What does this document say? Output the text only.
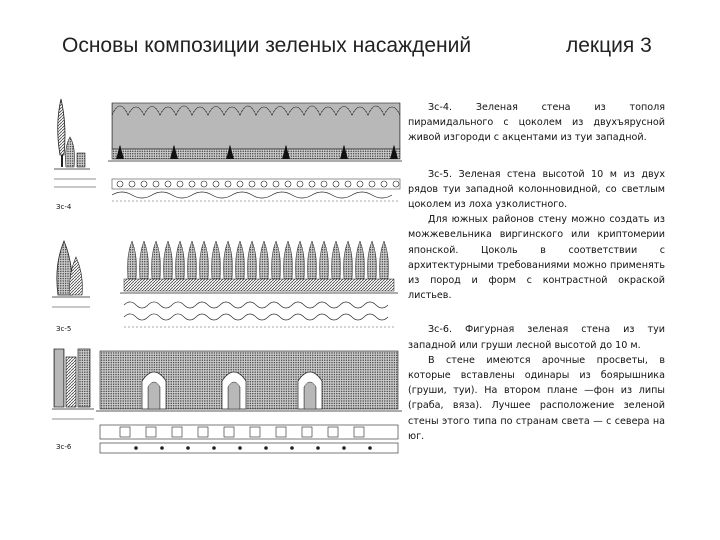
Основы композиции зеленых насаждений	лекция 3
Зс-4
Зс-5
Зс-6

Зс-4. Зеленая стена из тополя пирамидального с цоколем из двухъярусной живой изгороди с акцентами из туи западной.

Зс-5. Зеленая стена высотой 10 м из двух рядов туи западной колонновидной, со светлым цоколем из лоха узколистного.

Для южных районов стену можно создать из можжевельника виргинского или криптомерии японской. Цоколь в соответствии с архитектурными требованиями можно применять из пород и форм с контрастной окраской листьев.

Зс-6. Фигурная зеленая стена из туи западной или груши лесной высотой до 10 м.

В стене имеются арочные просветы, в которые вставлены одинары из боярышника (груши, туи). На втором плане —фон из липы (граба, вяза). Лучшее расположение зеленой стены этого типа по странам света — с севера на юг.
